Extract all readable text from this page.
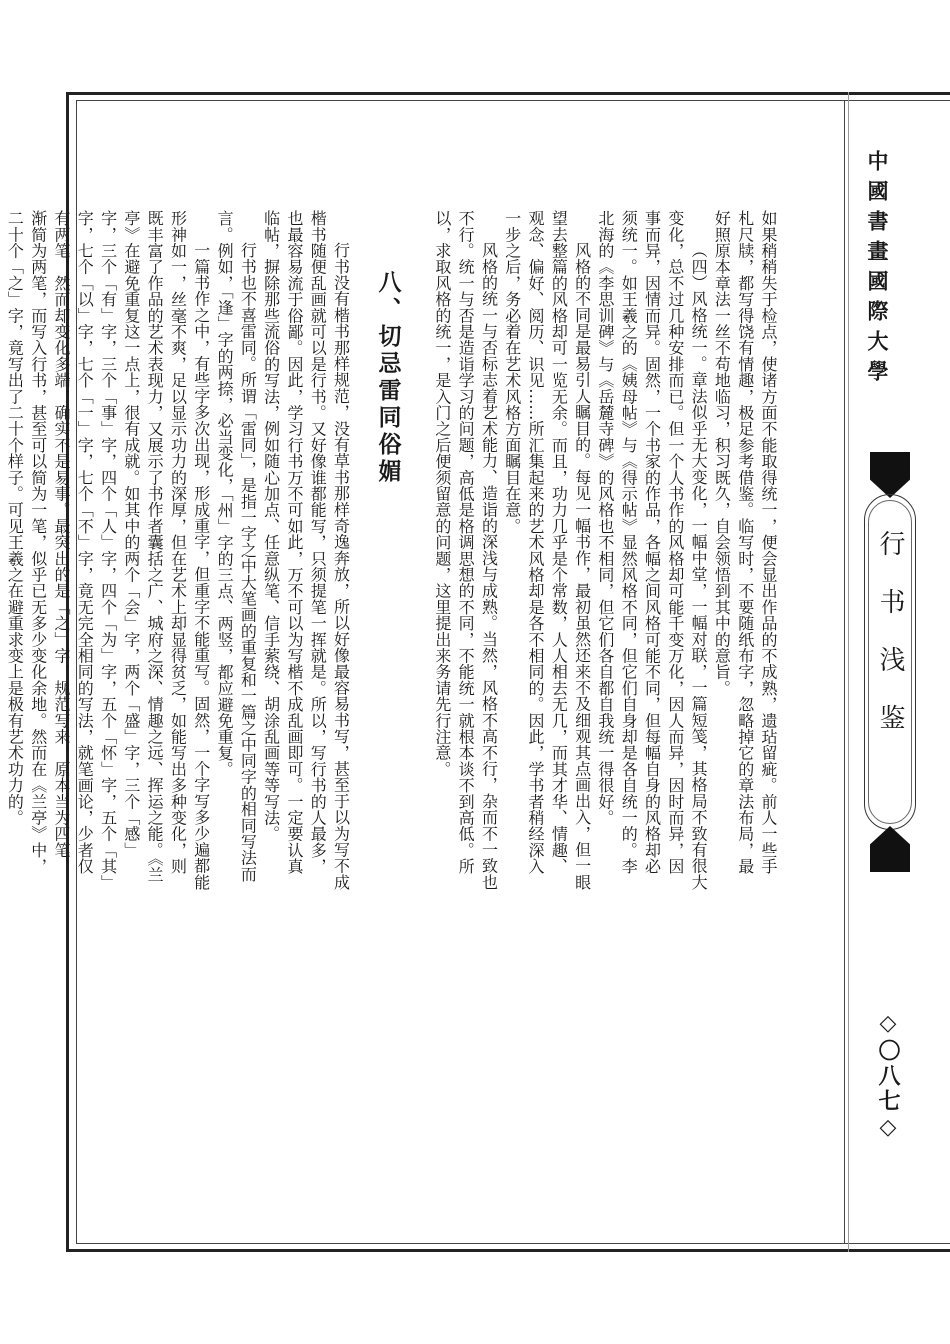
中國書畫國際大學
行书浅鉴
◇〇八七◇

如果稍稍失于检点，使诸方面不能取得统一，便会显出作品的不成熟，遗玷留疵。前人一些手札尺牍，都写得饶有情趣，极足参考借鉴。临写时，不要随纸布字，忽略掉它的章法布局，最好照原本章法一丝不苟地临习，积习既久，自会领悟到其中的意旨。

（四）风格统一。章法似乎无大变化，一幅中堂，一幅对联，一篇短笺，其格局不致有很大变化，总不过几种安排而已。但一个人书作的风格却可能千变万化，因人而异，因时而异，因事而异，因情而异。固然，一个书家的作品，各幅之间风格可能不同，但每幅自身的风格却必须统一。如王羲之的《姨母帖》与《得示帖》显然风格不同，但它们自身却是各自统一的。李北海的《李思训碑》与《岳麓寺碑》的风格也不相同，但它们各自都自我统一得很好。

风格的不同是最易引人瞩目的。每见一幅书作，最初虽然还来不及细观其点画出入，但一眼望去整篇的风格却可一览无余。而且，功力几乎是个常数，人人相去无几，而其才华、情趣、观念、偏好、阅历、识见……所汇集起来的艺术风格却是各不相同的。因此，学书者稍经深入一步之后，务必着在艺术风格方面瞩目在意。

风格的统一与否标志着艺术能力、造诣的深浅与成熟。当然，风格不高不行，杂而不一致也不行。统一与否是造诣学习的问题，高低是格调思想的不同，不能统一就根本谈不到高低。所以，求取风格的统一，是入门之后便须留意的问题，这里提出来务请先行注意。

八、切忌雷同俗媚

行书没有楷书那样规范，没有草书那样奇逸奔放，所以好像最容易书写，甚至于以为写不成楷书随便乱画就可以是行书。又好像谁都能写，只须提笔一挥就是。所以，写行书的人最多，也最容易流于俗鄙。因此，学习行书万不可如此，万不可以为写楷不成乱画即可。一定要认真临帖，摒除那些流俗的写法，例如随心加点、任意纵笔、信手萦绕、胡涂乱画等等写法。

行书也不喜雷同。所谓「雷同」，是指一字之中大笔画的重复和一篇之中同字的相同写法而言。例如，「逢」字的两捺，必当变化，「州」字的三点、两竖，都应避免重复。

一篇书作之中，有些字多次出现，形成重字，但重字不能重写。固然，一个字写多少遍都能形神如一，丝毫不爽，足以显示功力的深厚，但在艺术上却显得贫乏，如能写出多种变化，则既丰富了作品的艺术表现力，又展示了书作者囊括之广、城府之深、情趣之远、挥运之能。《兰亭》在避免重复这一点上，很有成就。如其中的两个「会」字，两个「盛」字，三个「感」字，三个「有」字，三个「事」字，四个「人」字，四个「为」字，五个「怀」字，五个「其」字，七个「以」字，七个「一」字，七个「不」字，竟无完全相同的写法，就笔画论，少者仅有两笔，然而却变化多端，确实不是易事。最突出的是「之」字，规范写来，原本当为四笔，渐简为两笔，而写入行书，甚至可以简为一笔，似乎已无多少变化余地。然而在《兰亭》中，二十个「之」字，竟写出了二十个样子。可见王羲之在避重求变上是极有艺术功力的。
